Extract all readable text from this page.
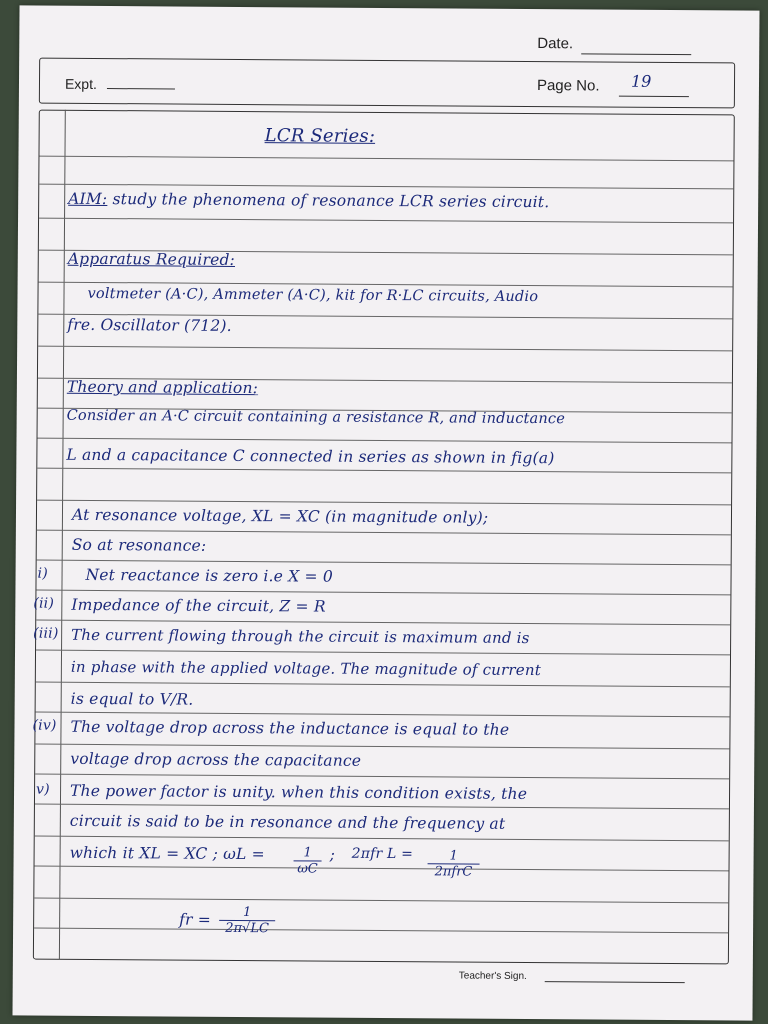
Date.
Expt.	Page No. 19

LCR Series:

AIM: study the phenomena of resonance LCR series circuit.

Apparatus Required:

voltmeter (A·C), Ammeter (A·C), kit for R·LC circuits, Audio

fre. Oscillator (712).

Theory and application:

Consider an A·C circuit containing a resistance R, and inductance

L and a capacitance C connected in series as shown in fig(a)

At resonance voltage, XL = XC (in magnitude only);

So at resonance:

i) Net reactance is zero i.e X = 0

(ii) Impedance of the circuit, Z = R

(iii) The current flowing through the circuit is maximum and is

in phase with the applied voltage. The magnitude of current

is equal to V/R.

(iv) The voltage drop across the inductance is equal to the

voltage drop across the capacitance

v) The power factor is unity. when this condition exists, the

circuit is said to be in resonance and the frequency at

which it XL = XC ; $\omega L = \frac{1}{\omega C}$ ; 2πfr L =	1
2πfrC
fr = $\frac{1}{2\pi√LC}$
Teacher's Sign.
